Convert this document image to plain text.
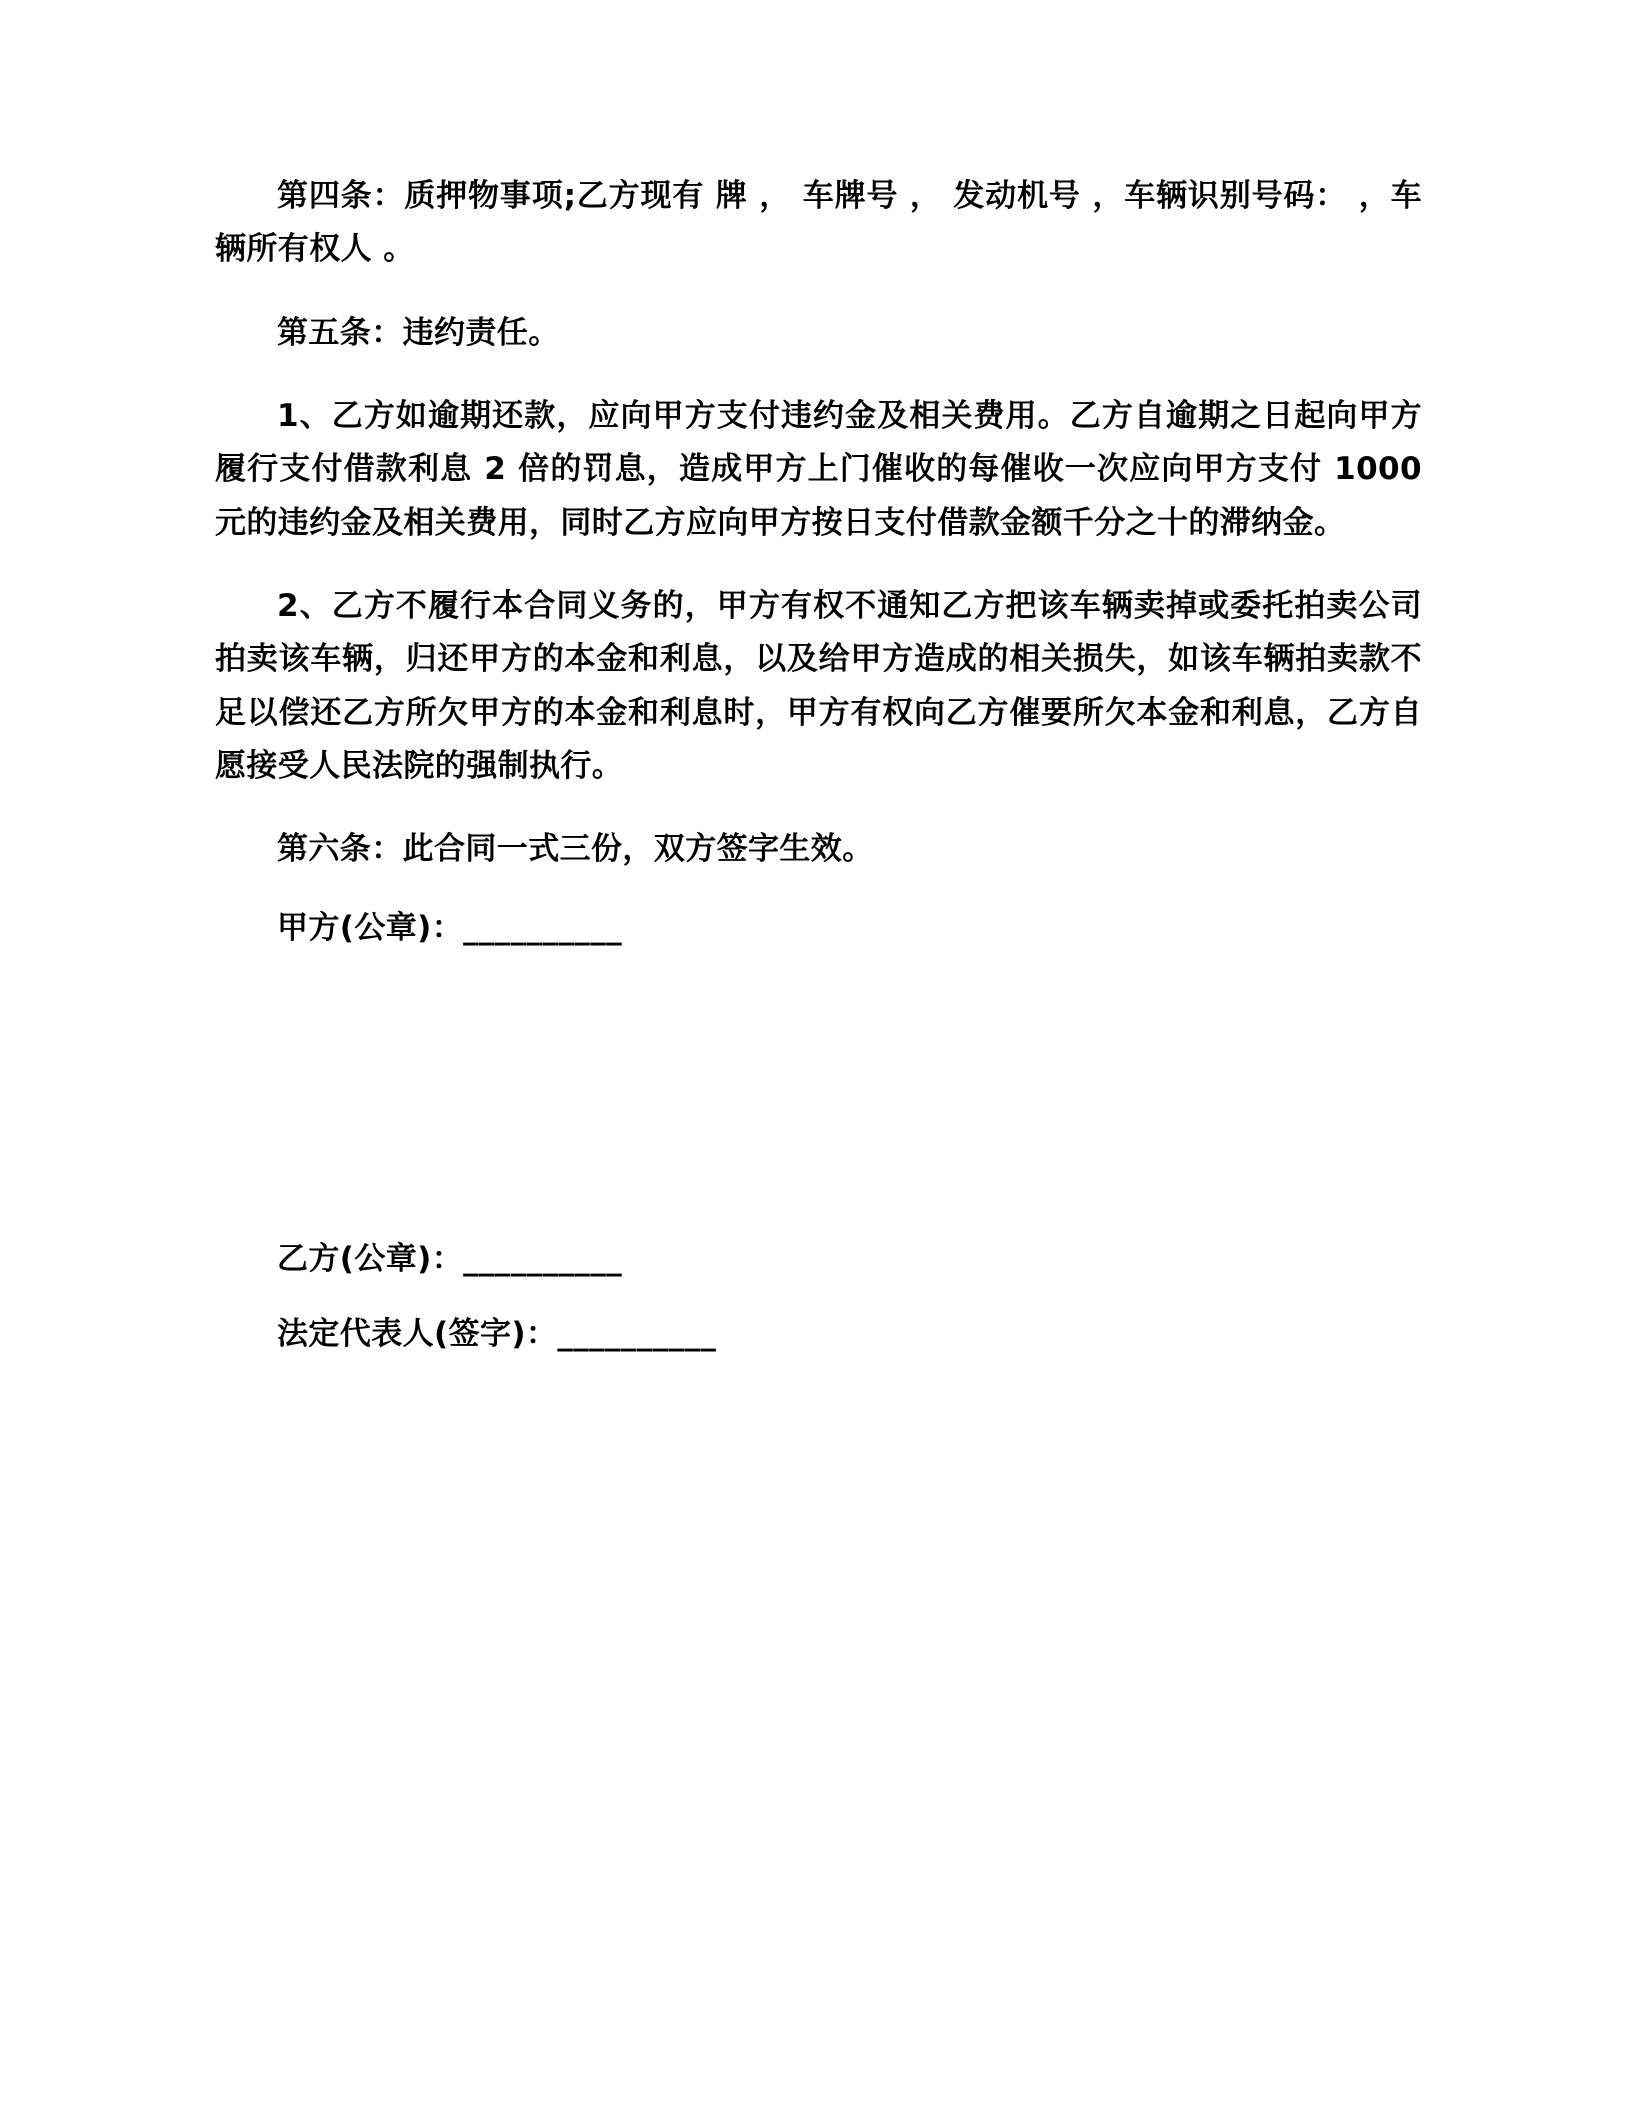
第四条：质押物事项;乙方现有 牌 ， 车牌号 ， 发动机号 ，车辆识别号码： ，车辆所有权人 。

第五条：违约责任。

1、乙方如逾期还款，应向甲方支付违约金及相关费用。乙方自逾期之日起向甲方履行支付借款利息 2 倍的罚息，造成甲方上门催收的每催收一次应向甲方支付 1000 元的违约金及相关费用，同时乙方应向甲方按日支付借款金额千分之十的滞纳金。

2、乙方不履行本合同义务的，甲方有权不通知乙方把该车辆卖掉或委托拍卖公司拍卖该车辆，归还甲方的本金和利息，以及给甲方造成的相关损失，如该车辆拍卖款不足以偿还乙方所欠甲方的本金和利息时，甲方有权向乙方催要所欠本金和利息，乙方自愿接受人民法院的强制执行。

第六条：此合同一式三份，双方签字生效。

甲方(公章)：__________

乙方(公章)：__________

法定代表人(签字)：__________
